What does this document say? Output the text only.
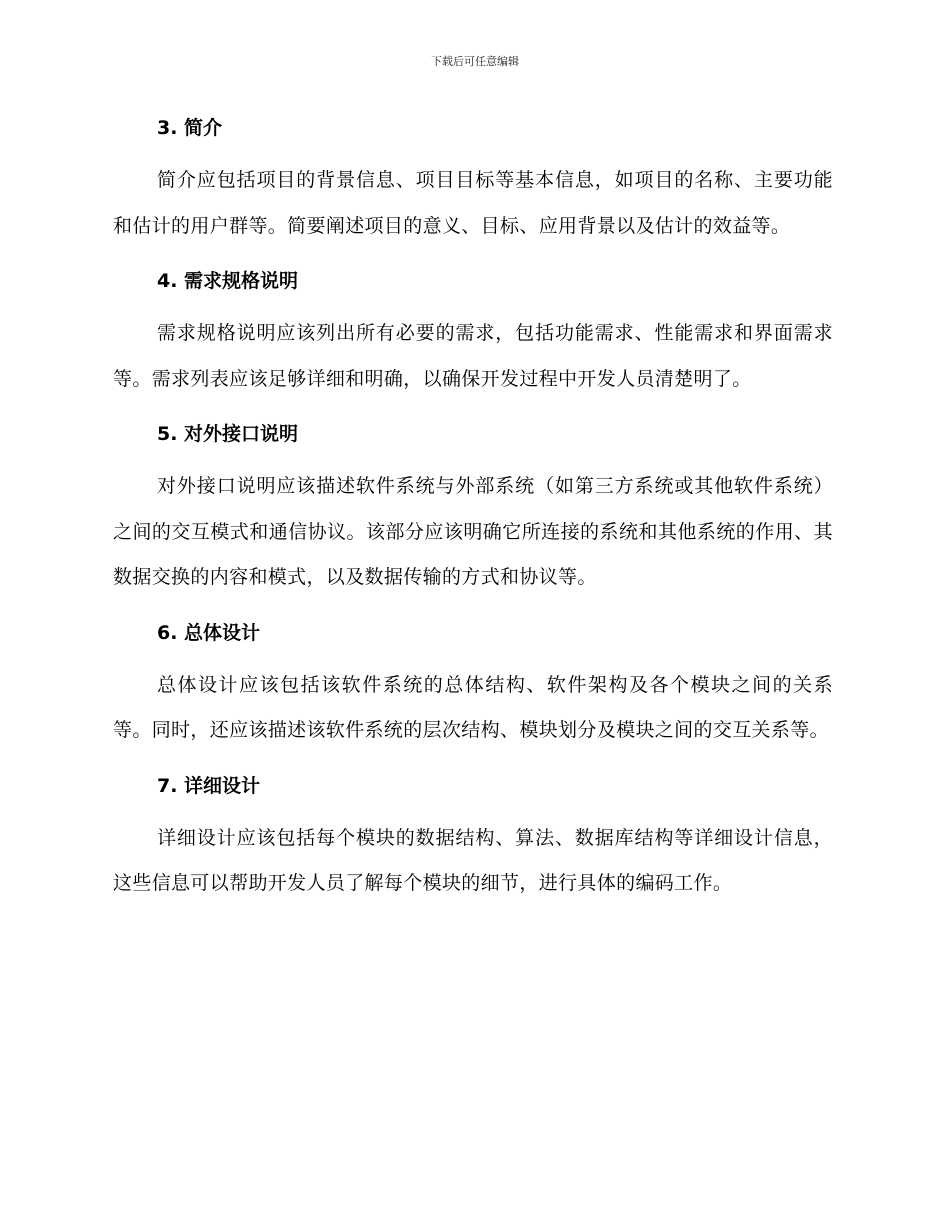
下载后可任意编辑
3. 简介

简介应包括项目的背景信息、项目目标等基本信息，如项目的名称、主要功能和估计的用户群等。简要阐述项目的意义、目标、应用背景以及估计的效益等。

4. 需求规格说明

需求规格说明应该列出所有必要的需求，包括功能需求、性能需求和界面需求等。需求列表应该足够详细和明确，以确保开发过程中开发人员清楚明了。

5. 对外接口说明

对外接口说明应该描述软件系统与外部系统（如第三方系统或其他软件系统）之间的交互模式和通信协议。该部分应该明确它所连接的系统和其他系统的作用、其数据交换的内容和模式，以及数据传输的方式和协议等。

6. 总体设计

总体设计应该包括该软件系统的总体结构、软件架构及各个模块之间的关系等。同时，还应该描述该软件系统的层次结构、模块划分及模块之间的交互关系等。

7. 详细设计

详细设计应该包括每个模块的数据结构、算法、数据库结构等详细设计信息，这些信息可以帮助开发人员了解每个模块的细节，进行具体的编码工作。
